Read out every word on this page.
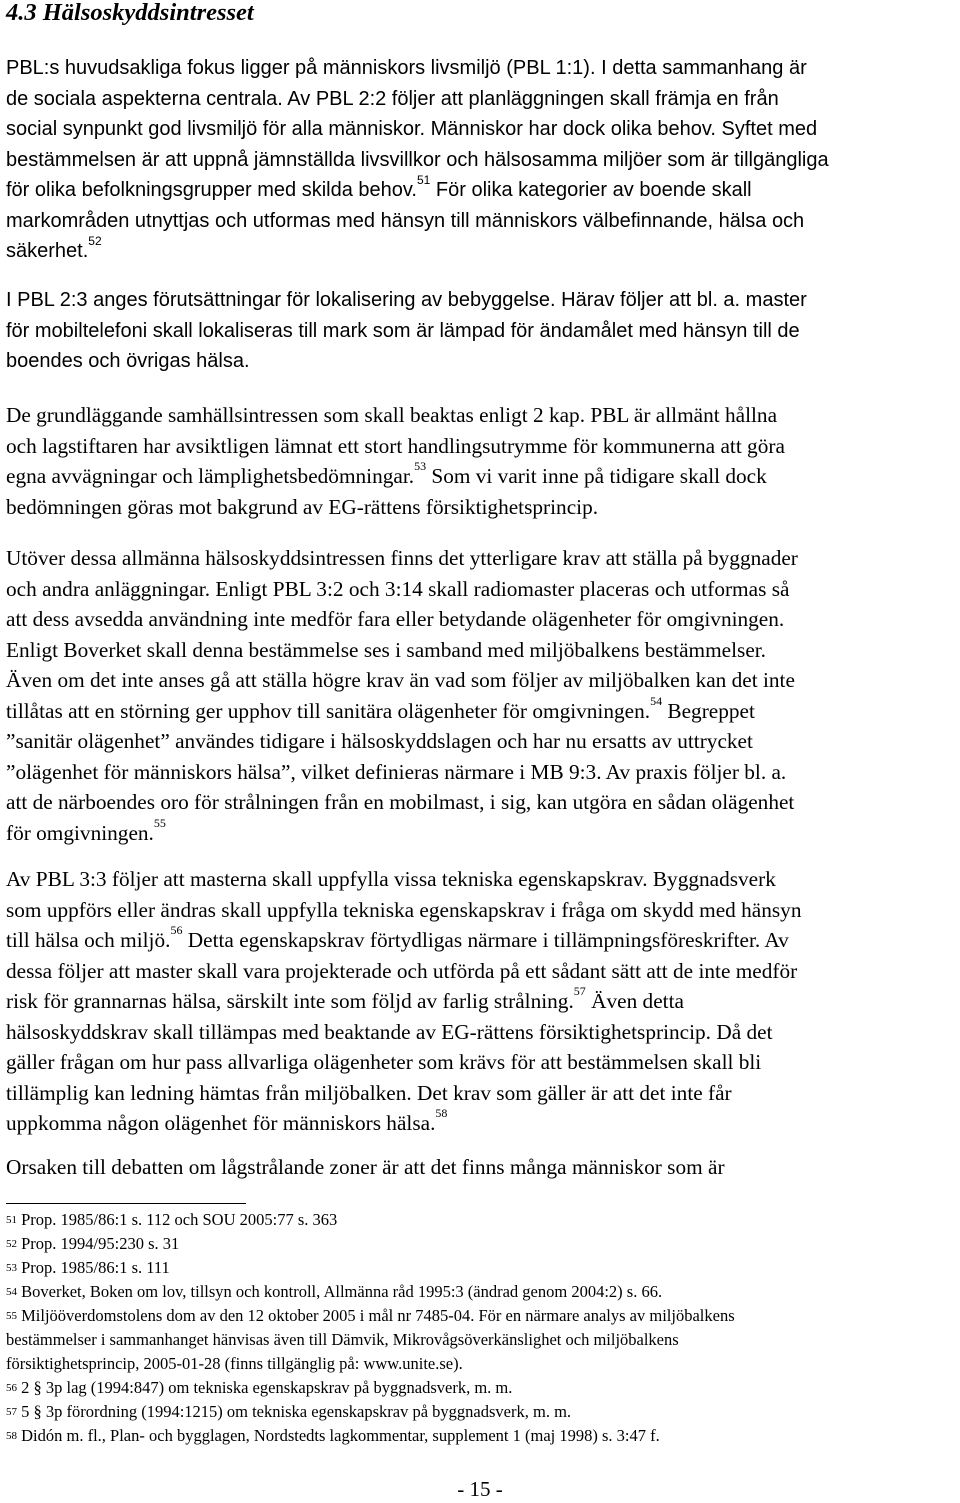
4.3 Hälsoskyddsintresset

PBL:s huvudsakliga fokus ligger på människors livsmiljö (PBL 1:1). I detta sammanhang är
de sociala aspekterna centrala. Av PBL 2:2 följer att planläggningen skall främja en från
social synpunkt god livsmiljö för alla människor. Människor har dock olika behov. Syftet med
bestämmelsen är att uppnå jämnställda livsvillkor och hälsosamma miljöer som är tillgängliga
för olika befolkningsgrupper med skilda behov.$^{51}$ För olika kategorier av boende skall
markområden utnyttjas och utformas med hänsyn till människors välbefinnande, hälsa och
säkerhet.$^{52}$

I PBL 2:3 anges förutsättningar för lokalisering av bebyggelse. Härav följer att bl. a. master
för mobiltelefoni skall lokaliseras till mark som är lämpad för ändamålet med hänsyn till de
boendes och övrigas hälsa.

De grundläggande samhällsintressen som skall beaktas enligt 2 kap. PBL är allmänt hållna
och lagstiftaren har avsiktligen lämnat ett stort handlingsutrymme för kommunerna att göra
egna avvägningar och lämplighetsbedömningar.$^{53}$ Som vi varit inne på tidigare skall dock
bedömningen göras mot bakgrund av EG-rättens försiktighetsprincip.

Utöver dessa allmänna hälsoskyddsintressen finns det ytterligare krav att ställa på byggnader
och andra anläggningar. Enligt PBL 3:2 och 3:14 skall radiomaster placeras och utformas så
att dess avsedda användning inte medför fara eller betydande olägenheter för omgivningen.
Enligt Boverket skall denna bestämmelse ses i samband med miljöbalkens bestämmelser.
Även om det inte anses gå att ställa högre krav än vad som följer av miljöbalken kan det inte
tillåtas att en störning ger upphov till sanitära olägenheter för omgivningen.$^{54}$ Begreppet
”sanitär olägenhet” användes tidigare i hälsoskyddslagen och har nu ersatts av uttrycket
”olägenhet för människors hälsa”, vilket definieras närmare i MB 9:3. Av praxis följer bl. a.
att de närboendes oro för strålningen från en mobilmast, i sig, kan utgöra en sådan olägenhet
för omgivningen.$^{55}$

Av PBL 3:3 följer att masterna skall uppfylla vissa tekniska egenskapskrav. Byggnadsverk
som uppförs eller ändras skall uppfylla tekniska egenskapskrav i fråga om skydd med hänsyn
till hälsa och miljö.$^{56}$ Detta egenskapskrav förtydligas närmare i tillämpningsföreskrifter. Av
dessa följer att master skall vara projekterade och utförda på ett sådant sätt att de inte medför
risk för grannarnas hälsa, särskilt inte som följd av farlig strålning.$^{57}$ Även detta
hälsoskyddskrav skall tillämpas med beaktande av EG-rättens försiktighetsprincip. Då det
gäller frågan om hur pass allvarliga olägenheter som krävs för att bestämmelsen skall bli
tillämplig kan ledning hämtas från miljöbalken. Det krav som gäller är att det inte får
uppkomma någon olägenhet för människors hälsa.$^{58}$

Orsaken till debatten om lågstrålande zoner är att det finns många människor som är

$^{51}$ Prop. 1985/86:1 s. 112 och SOU 2005:77 s. 363
$^{52}$ Prop. 1994/95:230 s. 31
$^{53}$ Prop. 1985/86:1 s. 111
$^{54}$ Boverket, Boken om lov, tillsyn och kontroll, Allmänna råd 1995:3 (ändrad genom 2004:2) s. 66.
$^{55}$ Miljööverdomstolens dom av den 12 oktober 2005 i mål nr 7485-04. För en närmare analys av miljöbalkens
bestämmelser i sammanhanget hänvisas även till Dämvik, Mikrovågsöverkänslighet och miljöbalkens
försiktighetsprincip, 2005-01-28 (finns tillgänglig på: www.unite.se).
$^{56}$ 2 § 3p lag (1994:847) om tekniska egenskapskrav på byggnadsverk, m. m.
$^{57}$ 5 § 3p förordning (1994:1215) om tekniska egenskapskrav på byggnadsverk, m. m.
$^{58}$ Didón m. fl., Plan- och bygglagen, Nordstedts lagkommentar, supplement 1 (maj 1998) s. 3:47 f.
- 15 -
